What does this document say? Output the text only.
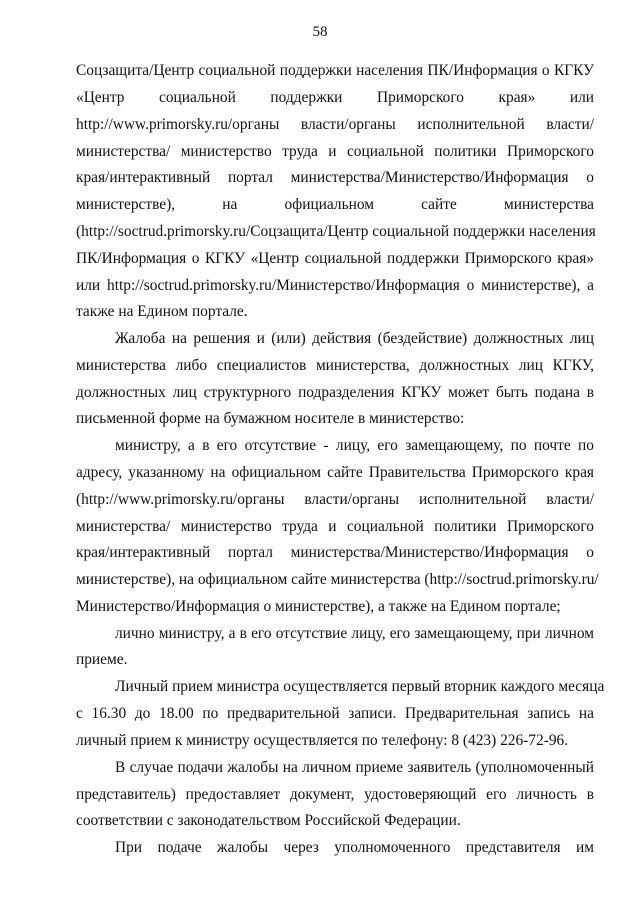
58
Соцзащита/Центр социальной поддержки населения ПК/Информация о КГКУ
«Центр социальной поддержки Приморского края» или
http://www.primorsky.ru/органы власти/органы исполнительной власти/
министерства/ министерство труда и социальной политики Приморского
края/интерактивный портал министерства/Министерство/Информация о
министерстве), на официальном сайте министерства
(http://soctrud.primorsky.ru/Соцзащита/Центр социальной поддержки населения
ПК/Информация о КГКУ «Центр социальной поддержки Приморского края»
или http://soctrud.primorsky.ru/Министерство/Информация о министерстве), а
также на Едином портале.
Жалоба на решения и (или) действия (бездействие) должностных лиц
министерства либо специалистов министерства, должностных лиц КГКУ,
должностных лиц структурного подразделения КГКУ может быть подана в
письменной форме на бумажном носителе в министерство:
министру, а в его отсутствие - лицу, его замещающему, по почте по
адресу, указанному на официальном сайте Правительства Приморского края
(http://www.primorsky.ru/органы власти/органы исполнительной власти/
министерства/ министерство труда и социальной политики Приморского
края/интерактивный портал министерства/Министерство/Информация о
министерстве), на официальном сайте министерства (http://soctrud.primorsky.ru/
Министерство/Информация о министерстве), а также на Едином портале;
лично министру, а в его отсутствие лицу, его замещающему, при личном
приеме.
Личный прием министра осуществляется первый вторник каждого месяца
с 16.30 до 18.00 по предварительной записи. Предварительная запись на
личный прием к министру осуществляется по телефону: 8 (423) 226-72-96.
В случае подачи жалобы на личном приеме заявитель (уполномоченный
представитель) предоставляет документ, удостоверяющий его личность в
соответствии с законодательством Российской Федерации.
При подаче жалобы через уполномоченного представителя им
